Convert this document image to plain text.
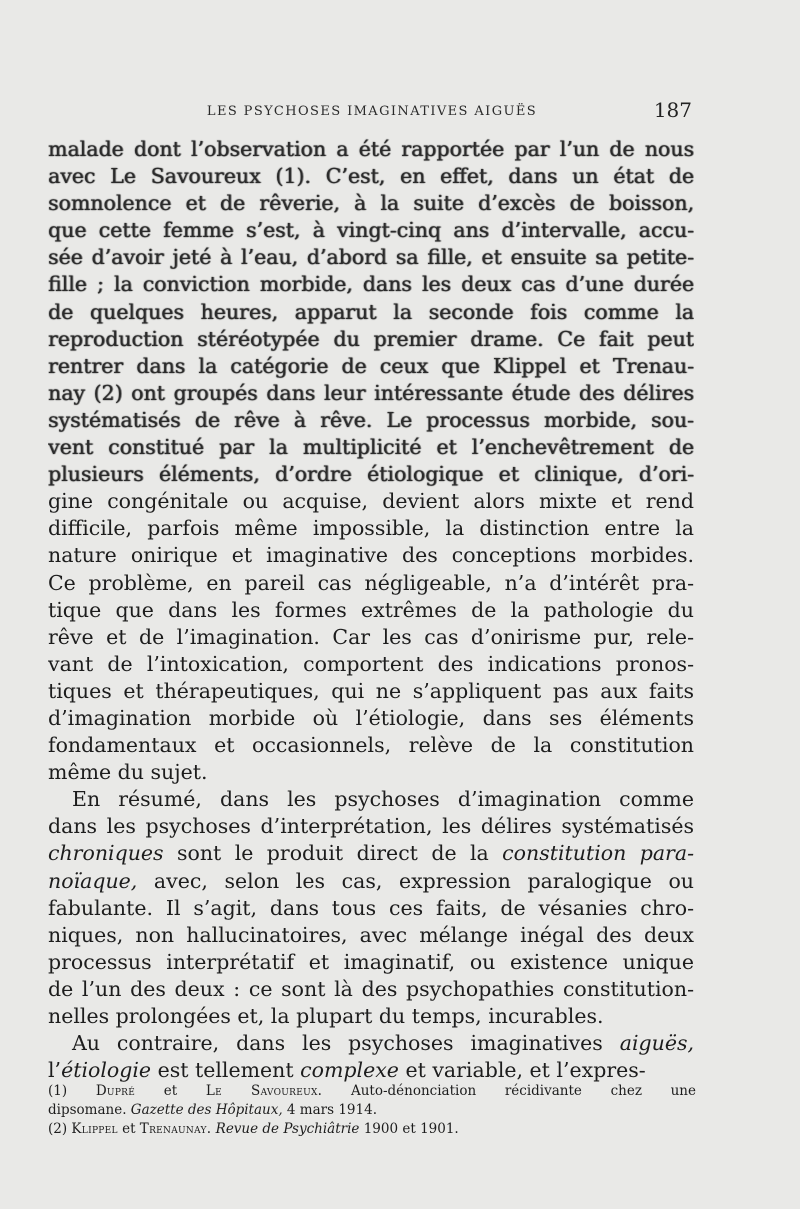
LES PSYCHOSES IMAGINATIVES AIGUËS	187
malade dont l’observation a été rapportée par l’un de nous
avec Le Savoureux (1). C’est, en effet, dans un état de
somnolence et de rêverie, à la suite d’excès de boisson,
que cette femme s’est, à vingt-cinq ans d’intervalle, accu-
sée d’avoir jeté à l’eau, d’abord sa fille, et ensuite sa petite-
fille ; la conviction morbide, dans les deux cas d’une durée
de quelques heures, apparut la seconde fois comme la
reproduction stéréotypée du premier drame. Ce fait peut
rentrer dans la catégorie de ceux que Klippel et Trenau-
nay (2) ont groupés dans leur intéressante étude des délires
systématisés de rêve à rêve. Le processus morbide, sou-
vent constitué par la multiplicité et l’enchevêtrement de
plusieurs éléments, d’ordre étiologique et clinique, d’ori-
gine congénitale ou acquise, devient alors mixte et rend
difficile, parfois même impossible, la distinction entre la
nature onirique et imaginative des conceptions morbides.
Ce problème, en pareil cas négligeable, n’a d’intérêt pra-
tique que dans les formes extrêmes de la pathologie du
rêve et de l’imagination. Car les cas d’onirisme pur, rele-
vant de l’intoxication, comportent des indications pronos-
tiques et thérapeutiques, qui ne s’appliquent pas aux faits
d’imagination morbide où l’étiologie, dans ses éléments
fondamentaux et occasionnels, relève de la constitution
même du sujet.
En résumé, dans les psychoses d’imagination comme
dans les psychoses d’interprétation, les délires systématisés
chroniques sont le produit direct de la constitution para-
noïaque, avec, selon les cas, expression paralogique ou
fabulante. Il s’agit, dans tous ces faits, de vésanies chro-
niques, non hallucinatoires, avec mélange inégal des deux
processus interprétatif et imaginatif, ou existence unique
de l’un des deux : ce sont là des psychopathies constitution-
nelles prolongées et, la plupart du temps, incurables.
Au contraire, dans les psychoses imaginatives aiguës,
l’étiologie est tellement complexe et variable, et l’expres-
(1) Dupré et Le Savoureux. Auto-dénonciation récidivante chez une
dipsomane. Gazette des Hôpitaux, 4 mars 1914.
(2) Klippel et Trenaunay. Revue de Psychiâtrie 1900 et 1901.
